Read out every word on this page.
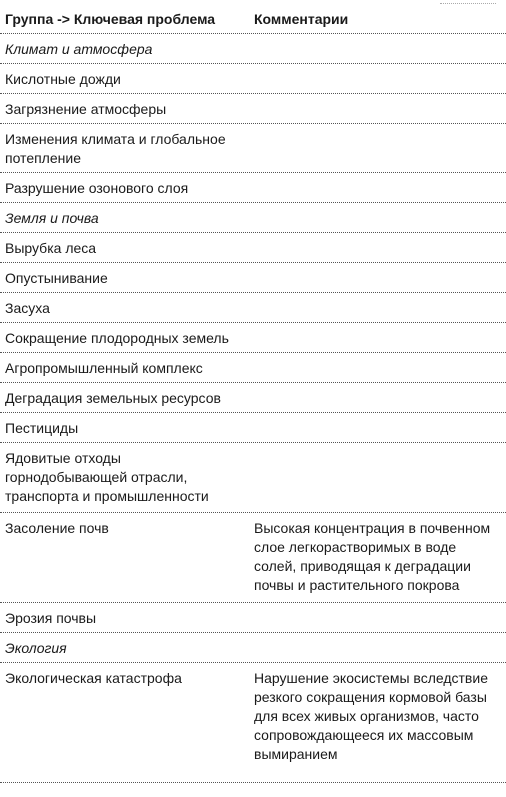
Группа -> Ключевая проблема	Комментарии
Климат и атмосфера
Кислотные дожди
Загрязнение атмосферы
Изменения климата и глобальное потепление
Разрушение озонового слоя
Земля и почва
Вырубка леса
Опустынивание
Засуха
Сокращение плодородных земель
Агропромышленный комплекс
Деградация земельных ресурсов
Пестициды
Ядовитые отходы горнодобывающей отрасли, транспорта и промышленности
Засоление почв	Высокая концентрация в почвенном слое легкорастворимых в воде солей, приводящая к деградации почвы и растительного покрова
Эрозия почвы
Экология
Экологическая катастрофа	Нарушение экосистемы вследствие резкого сокращения кормовой базы для всех живых организмов, часто сопровождающееся их массовым вымиранием
